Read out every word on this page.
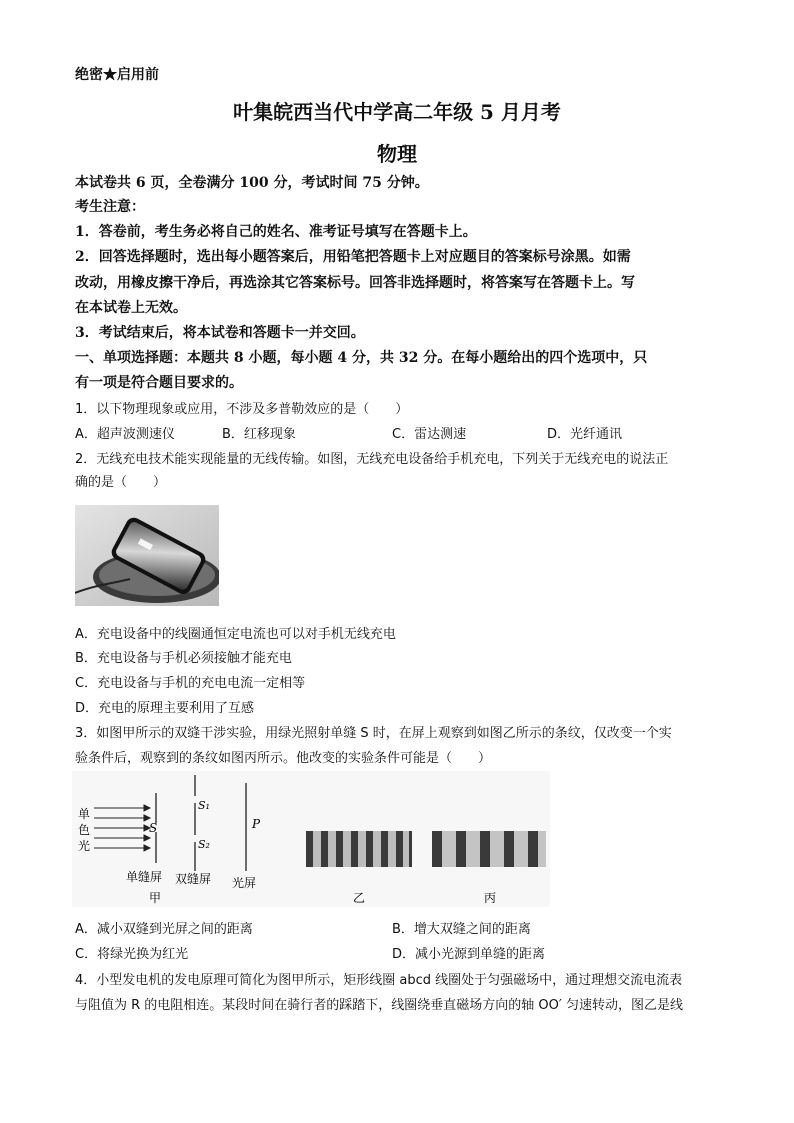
绝密★启用前
叶集皖西当代中学高二年级 5 月月考
物理
本试卷共 6 页，全卷满分 100 分，考试时间 75 分钟。
考生注意：
1．答卷前，考生务必将自己的姓名、准考证号填写在答题卡上。
2．回答选择题时，选出每小题答案后，用铅笔把答题卡上对应题目的答案标号涂黑。如需
改动，用橡皮擦干净后，再选涂其它答案标号。回答非选择题时，将答案写在答题卡上。写
在本试卷上无效。
3．考试结束后，将本试卷和答题卡一并交回。
一、单项选择题：本题共 8 小题，每小题 4 分，共 32 分。在每小题给出的四个选项中，只
有一项是符合题目要求的。
1．以下物理现象或应用，不涉及多普勒效应的是（　　）
A．超声波测速仪	B．红移现象	C．雷达测速	D．光纤通讯
2．无线充电技术能实现能量的无线传输。如图，无线充电设备给手机充电，下列关于无线充电的说法正
确的是（　　）
A．充电设备中的线圈通恒定电流也可以对手机无线充电
B．充电设备与手机必须接触才能充电
C．充电设备与手机的充电电流一定相等
D．充电的原理主要利用了互感
3．如图甲所示的双缝干涉实验，用绿光照射单缝 S 时，在屏上观察到如图乙所示的条纹，仅改变一个实
验条件后，观察到的条纹如图丙所示。他改变的实验条件可能是（　　）
单
色
光
S
S₁
S₂
P
单缝屏 双缝屏 光屏
甲	乙	丙
A．减小双缝到光屏之间的距离	B．增大双缝之间的距离
C．将绿光换为红光	D．减小光源到单缝的距离
4．小型发电机的发电原理可简化为图甲所示，矩形线圈 abcd 线圈处于匀强磁场中，通过理想交流电流表
与阻值为 R 的电阻相连。某段时间在骑行者的踩踏下，线圈绕垂直磁场方向的轴 OO′ 匀速转动，图乙是线
